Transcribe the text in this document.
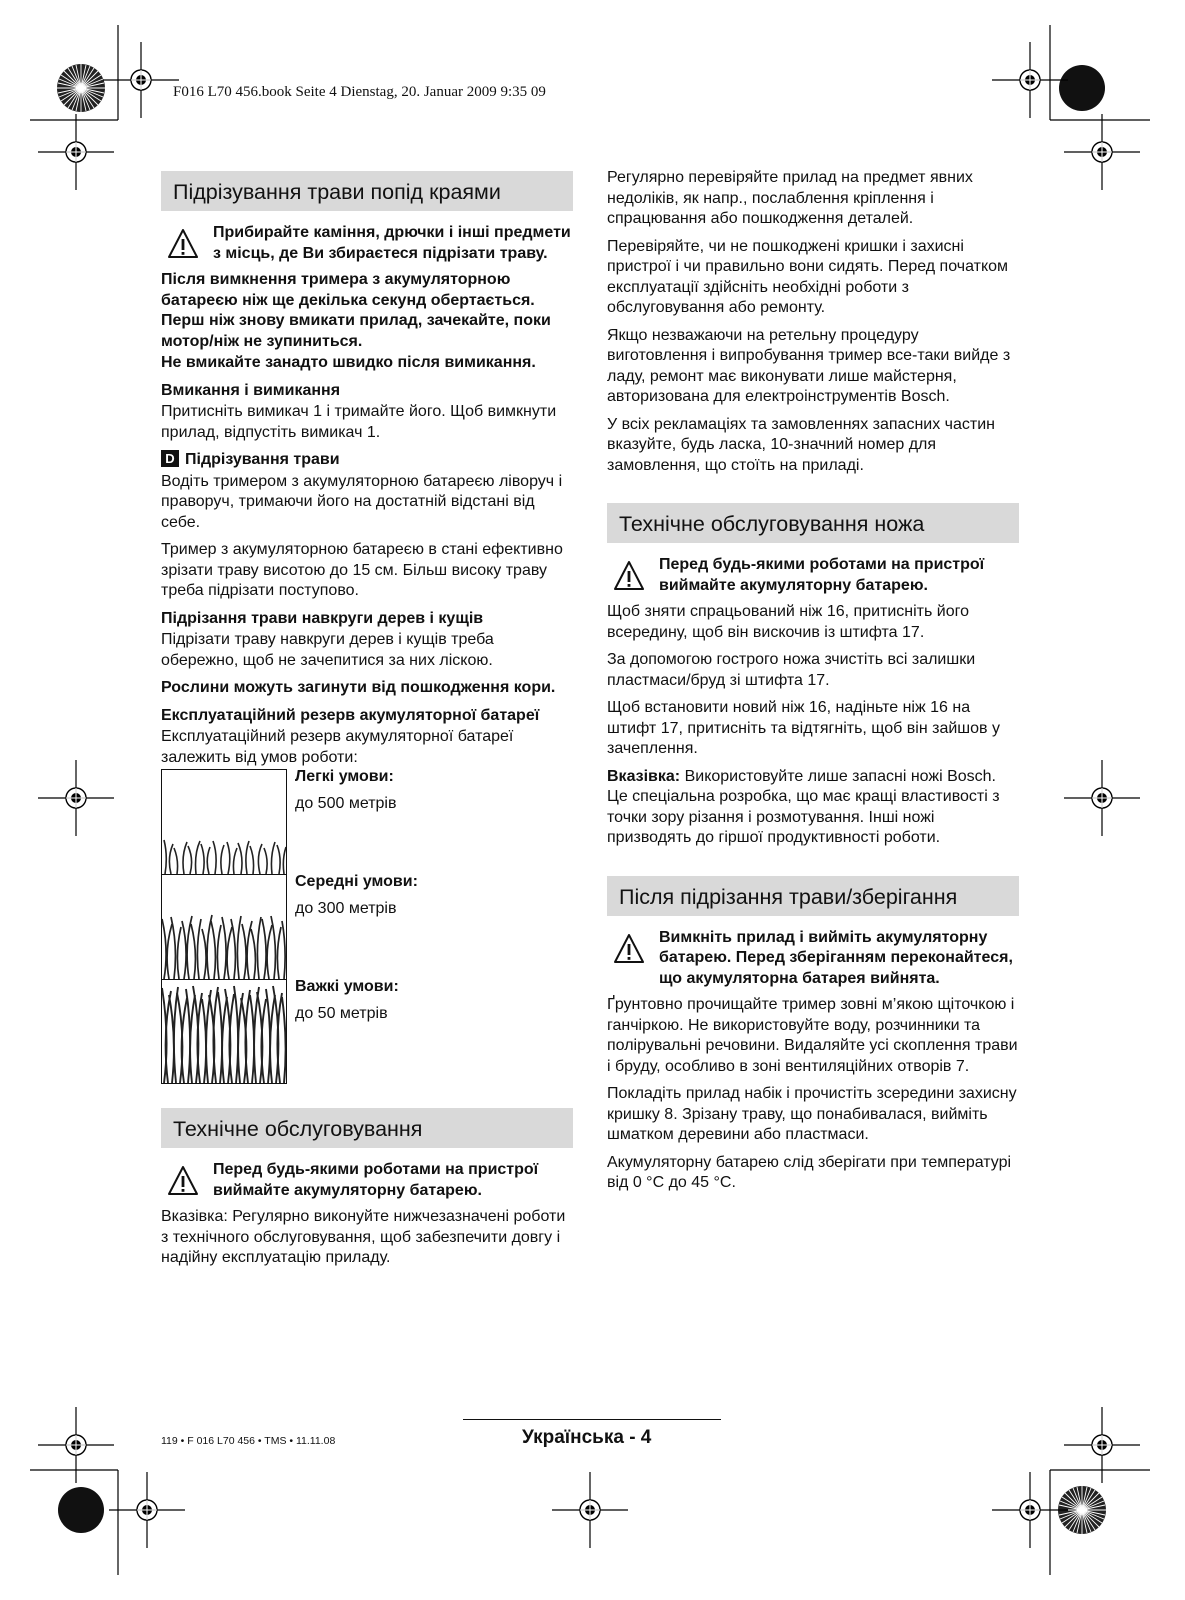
F016 L70 456.book Seite 4 Dienstag, 20. Januar 2009 9:35 09
Підрізування трави попід краями
Прибирайте каміння, дрючки і інші предмети з місць, де Ви збираєтеся підрізати траву.

Після вимкнення тримера з акумуляторною батареєю ніж ще декілька секунд обертається. Перш ніж знову вмикати прилад, зачекайте, поки мотор/ніж не зупиниться.

Не вмикайте занадто швидко після вимикання.

Вмикання і вимикання

Притисніть вимикач 1 і тримайте його. Щоб вимкнути прилад, відпустіть вимикач 1.

D Підрізування трави

Водіть тримером з акумуляторною батареєю ліворуч і праворуч, тримаючи його на достатній відстані від себе.

Тример з акумуляторною батареєю в стані ефективно зрізати траву висотою до 15 см. Більш високу траву треба підрізати поступово.

Підрізання трави навкруги дерев і кущів

Підрізати траву навкруги дерев і кущів треба обережно, щоб не зачепитися за них ліскою.

Рослини можуть загинути від пошкодження кори.

Експлуатаційний резерв акумуляторної батареї

Експлуатаційний резерв акумуляторної батареї залежить від умов роботи:

Легкі умови:
до 500 метрів
Середні умови:
до 300 метрів
Важкі умови:
до 50 метрів
Технічне обслуговування
Перед будь-якими роботами на пристрої виймайте акумуляторну батарею.

Вказівка: Регулярно виконуйте нижчезазначені роботи з технічного обслуговування, щоб забезпечити довгу і надійну експлуатацію приладу.

Регулярно перевіряйте прилад на предмет явних недоліків, як напр., послаблення кріплення і спрацювання або пошкодження деталей.

Перевіряйте, чи не пошкоджені кришки і захисні пристрої і чи правильно вони сидять. Перед початком експлуатації здійсніть необхідні роботи з обслуговування або ремонту.

Якщо незважаючи на ретельну процедуру виготовлення і випробування тример все-таки вийде з ладу, ремонт має виконувати лише майстерня, авторизована для електроінструментів Bosch.

У всіх рекламаціях та замовленнях запасних частин вказуйте, будь ласка, 10-значний номер для замовлення, що стоїть на приладі.

Технічне обслуговування ножа
Перед будь-якими роботами на пристрої виймайте акумуляторну батарею.

Щоб зняти спрацьований ніж 16, притисніть його всередину, щоб він вискочив із штифта 17.

За допомогою гострого ножа зчистіть всі залишки пластмаси/бруд зі штифта 17.

Щоб встановити новий ніж 16, надіньте ніж 16 на штифт 17, притисніть та відтягніть, щоб він зайшов у зачеплення.

Вказівка: Використовуйте лише запасні ножі Bosch. Це спеціальна розробка, що має кращі властивості з точки зору різання і розмотування. Інші ножі призводять до гіршої продуктивності роботи.

Після підрізання трави/зберігання
Вимкніть прилад і вийміть акумуляторну батарею. Перед зберіганням переконайтеся, що акумуляторна батарея вийнята.

Ґрунтовно прочищайте тример зовні м’якою щіточкою і ганчіркою. Не використовуйте воду, розчинники та полірувальні речовини. Видаляйте усі скоплення трави і бруду, особливо в зоні вентиляційних отворів 7.

Покладіть прилад набік і прочистіть зсередини захисну кришку 8. Зрізану траву, що понабивалася, вийміть шматком деревини або пластмаси.

Акумуляторну батарею слід зберігати при температурі від 0 °C до 45 °C.

119 • F 016 L70 456 • TMS • 11.11.08	Українська - 4
